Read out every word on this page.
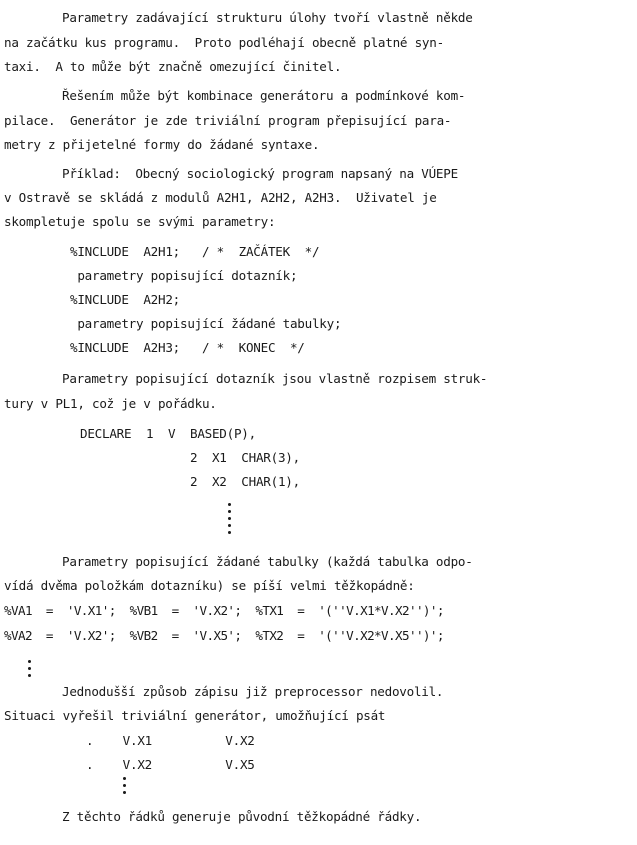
Parametry zadávající strukturu úlohy tvoří vlastně někde
na začátku kus programu.  Proto podléhají obecně platné syn-
taxi.  A to může být značně omezující činitel.
Řešením může být kombinace generátoru a podmínkové kom-
pilace.  Generátor je zde triviální program přepisující para-
metry z přijetelné formy do žádané syntaxe.
Příklad:  Obecný sociologický program napsaný na VÚEPE
v Ostravě se skládá z modulů A2H1, A2H2, A2H3.  Uživatel je
skompletuje spolu se svými parametry:
%INCLUDE  A2H1;   / *  ZAČÁTEK  */
parametry popisující dotazník;
%INCLUDE  A2H2;
parametry popisující žádané tabulky;
%INCLUDE  A2H3;   / *  KONEC  */
Parametry popisující dotazník jsou vlastně rozpisem struk-
tury v PL1, což je v pořádku.
DECLARE  1  V  BASED(P),
2  X1  CHAR(3),
2  X2  CHAR(1),
Parametry popisující žádané tabulky (každá tabulka odpo-
vídá dvěma položkám dotazníku) se píší velmi těžkopádně:
%VA1  =  'V.X1';  %VB1  =  'V.X2';  %TX1  =  '(''V.X1*V.X2'')';
%VA2  =  'V.X2';  %VB2  =  'V.X5';  %TX2  =  '(''V.X2*V.X5'')';
Jednodušší způsob zápisu již preprocessor nedovolil.
Situaci vyřešil triviální generátor, umožňující psát
.    V.X1          V.X2
.    V.X2          V.X5
Z těchto řádků generuje původní těžkopádné řádky.
